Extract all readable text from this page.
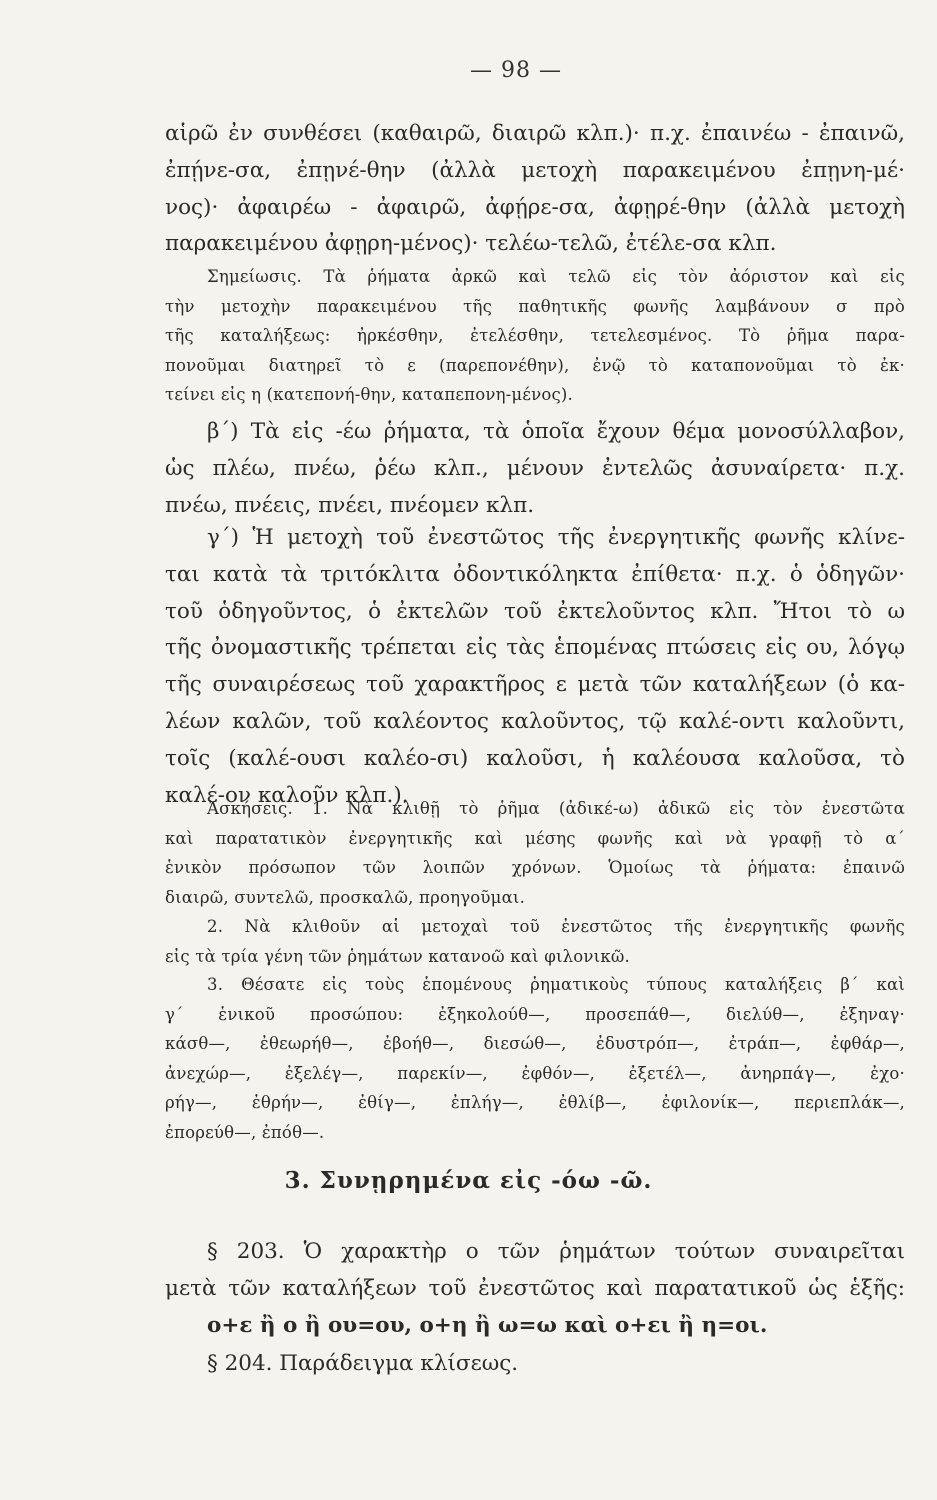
— 98 —
αἱρῶ ἐν συνθέσει (καθαιρῶ, διαιρῶ κλπ.)· π.χ. ἐπαινέω - ἐπαινῶ,
ἐπῄνε-σα, ἐπῃνέ-θην (ἀλλὰ μετοχὴ παρακειμένου ἐπῃνη-μέ·
νος)· ἀφαιρέω - ἀφαιρῶ, ἀφῄρε-σα, ἀφῃρέ-θην (ἀλλὰ μετοχὴ
παρακειμένου ἀφῃρη-μένος)· τελέω-τελῶ, ἐτέλε-σα κλπ.
Σημείωσις. Τὰ ῥήματα ἀρκῶ καὶ τελῶ εἰς τὸν ἀόριστον καὶ εἰς
τὴν μετοχὴν παρακειμένου τῆς παθητικῆς φωνῆς λαμβάνουν σ πρὸ
τῆς καταλήξεως: ἠρκέσθην, ἐτελέσθην, τετελεσμένος. Τὸ ῥῆμα παρα-
πονοῦμαι διατηρεῖ τὸ ε (παρεπονέθην), ἐνῷ τὸ καταπονοῦμαι τὸ ἐκ·
τείνει εἰς η (κατεπονή-θην, καταπεπονη-μένος).
β΄) Τὰ εἰς -έω ῥήματα, τὰ ὁποῖα ἔχουν θέμα μονοσύλλαβον,
ὡς πλέω, πνέω, ῥέω κλπ., μένουν ἐντελῶς ἀσυναίρετα· π.χ.
πνέω, πνέεις, πνέει, πνέομεν κλπ.
γ΄) Ἡ μετοχὴ τοῦ ἐνεστῶτος τῆς ἐνεργητικῆς φωνῆς κλίνε-
ται κατὰ τὰ τριτόκλιτα ὀδοντικόληκτα ἐπίθετα· π.χ. ὁ ὁδηγῶν·
τοῦ ὁδηγοῦντος, ὁ ἐκτελῶν τοῦ ἐκτελοῦντος κλπ. Ἤτοι τὸ ω
τῆς ὀνομαστικῆς τρέπεται εἰς τὰς ἑπομένας πτώσεις εἰς ου, λόγῳ
τῆς συναιρέσεως τοῦ χαρακτῆρος ε μετὰ τῶν καταλήξεων (ὁ κα-
λέων καλῶν, τοῦ καλέοντος καλοῦντος, τῷ καλέ-οντι καλοῦντι,
τοῖς (καλέ-ουσι καλέο-σι) καλοῦσι, ἡ καλέουσα καλοῦσα, τὸ
καλέ-ον καλοῦν κλπ.).
Ἀσκήσεις. 1. Νὰ κλιθῇ τὸ ῥῆμα (ἀδικέ-ω) ἀδικῶ εἰς τὸν ἐνεστῶτα
καὶ παρατατικὸν ἐνεργητικῆς καὶ μέσης φωνῆς καὶ νὰ γραφῇ τὸ α΄
ἑνικὸν πρόσωπον τῶν λοιπῶν χρόνων. Ὁμοίως τὰ ῥήματα: ἐπαινῶ
διαιρῶ, συντελῶ, προσκαλῶ, προηγοῦμαι.
2. Νὰ κλιθοῦν αἱ μετοχαὶ τοῦ ἐνεστῶτος τῆς ἐνεργητικῆς φωνῆς
εἰς τὰ τρία γένη τῶν ῥημάτων κατανοῶ καὶ φιλονικῶ.
3. Θέσατε εἰς τοὺς ἑπομένους ῥηματικοὺς τύπους καταλήξεις β΄ καὶ
γ΄ ἑνικοῦ προσώπου: ἐξηκολούθ—, προσεπάθ—, διελύθ—, ἐξηναγ·
κάσθ—, ἐθεωρήθ—, ἐβοήθ—, διεσώθ—, ἐδυστρόπ—, ἐτράπ—, ἐφθάρ—,
ἀνεχώρ—, ἐξελέγ—, παρεκίν—, ἐφθόν—, ἐξετέλ—, ἀνηρπάγ—, ἐχο·
ρήγ—, ἐθρήν—, ἐθίγ—, ἐπλήγ—, ἐθλίβ—, ἐφιλονίκ—, περιεπλάκ—,
ἐπορεύθ—, ἐπόθ—.
3. Συνῃρημένα εἰς -όω -ῶ.
§ 203. Ὁ χαρακτὴρ ο τῶν ῥημάτων τούτων συναιρεῖται
μετὰ τῶν καταλήξεων τοῦ ἐνεστῶτος καὶ παρατατικοῦ ὡς ἑξῆς:
ο+ε ἢ ο ἢ ου=ου, ο+η ἢ ω=ω καὶ ο+ει ἢ η=οι.
§ 204. Παράδειγμα κλίσεως.
